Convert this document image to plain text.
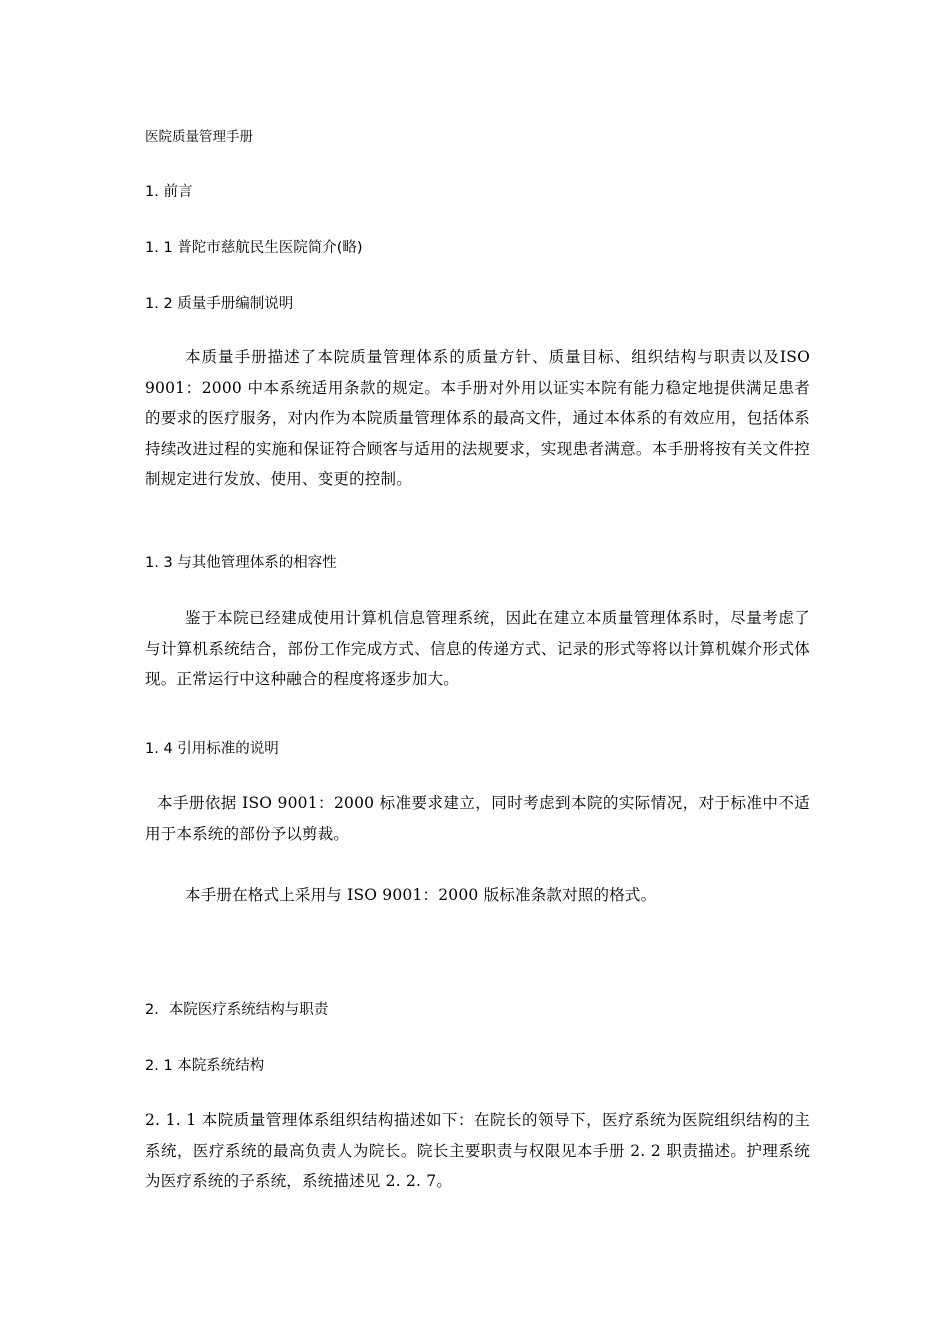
医院质量管理手册
1. 前言
1. 1 普陀市慈航民生医院简介(略)
1. 2 质量手册编制说明
本质量手册描述了本院质量管理体系的质量方针、质量目标、组织结构与职责以及ISO 9001：2000 中本系统适用条款的规定。本手册对外用以证实本院有能力稳定地提供满足患者的要求的医疗服务，对内作为本院质量管理体系的最高文件，通过本体系的有效应用，包括体系持续改进过程的实施和保证符合顾客与适用的法规要求，实现患者满意。本手册将按有关文件控制规定进行发放、使用、变更的控制。
1. 3 与其他管理体系的相容性
鉴于本院已经建成使用计算机信息管理系统，因此在建立本质量管理体系时，尽量考虑了与计算机系统结合，部份工作完成方式、信息的传递方式、记录的形式等将以计算机媒介形式体现。正常运行中这种融合的程度将逐步加大。
1. 4 引用标准的说明
本手册依据 ISO 9001：2000 标准要求建立，同时考虑到本院的实际情况，对于标准中不适用于本系统的部份予以剪裁。
本手册在格式上采用与 ISO 9001：2000 版标准条款对照的格式。
2．本院医疗系统结构与职责
2. 1 本院系统结构
2. 1. 1 本院质量管理体系组织结构描述如下：在院长的领导下，医疗系统为医院组织结构的主系统，医疗系统的最高负责人为院长。院长主要职责与权限见本手册 2. 2 职责描述。护理系统为医疗系统的子系统，系统描述见 2. 2. 7。
